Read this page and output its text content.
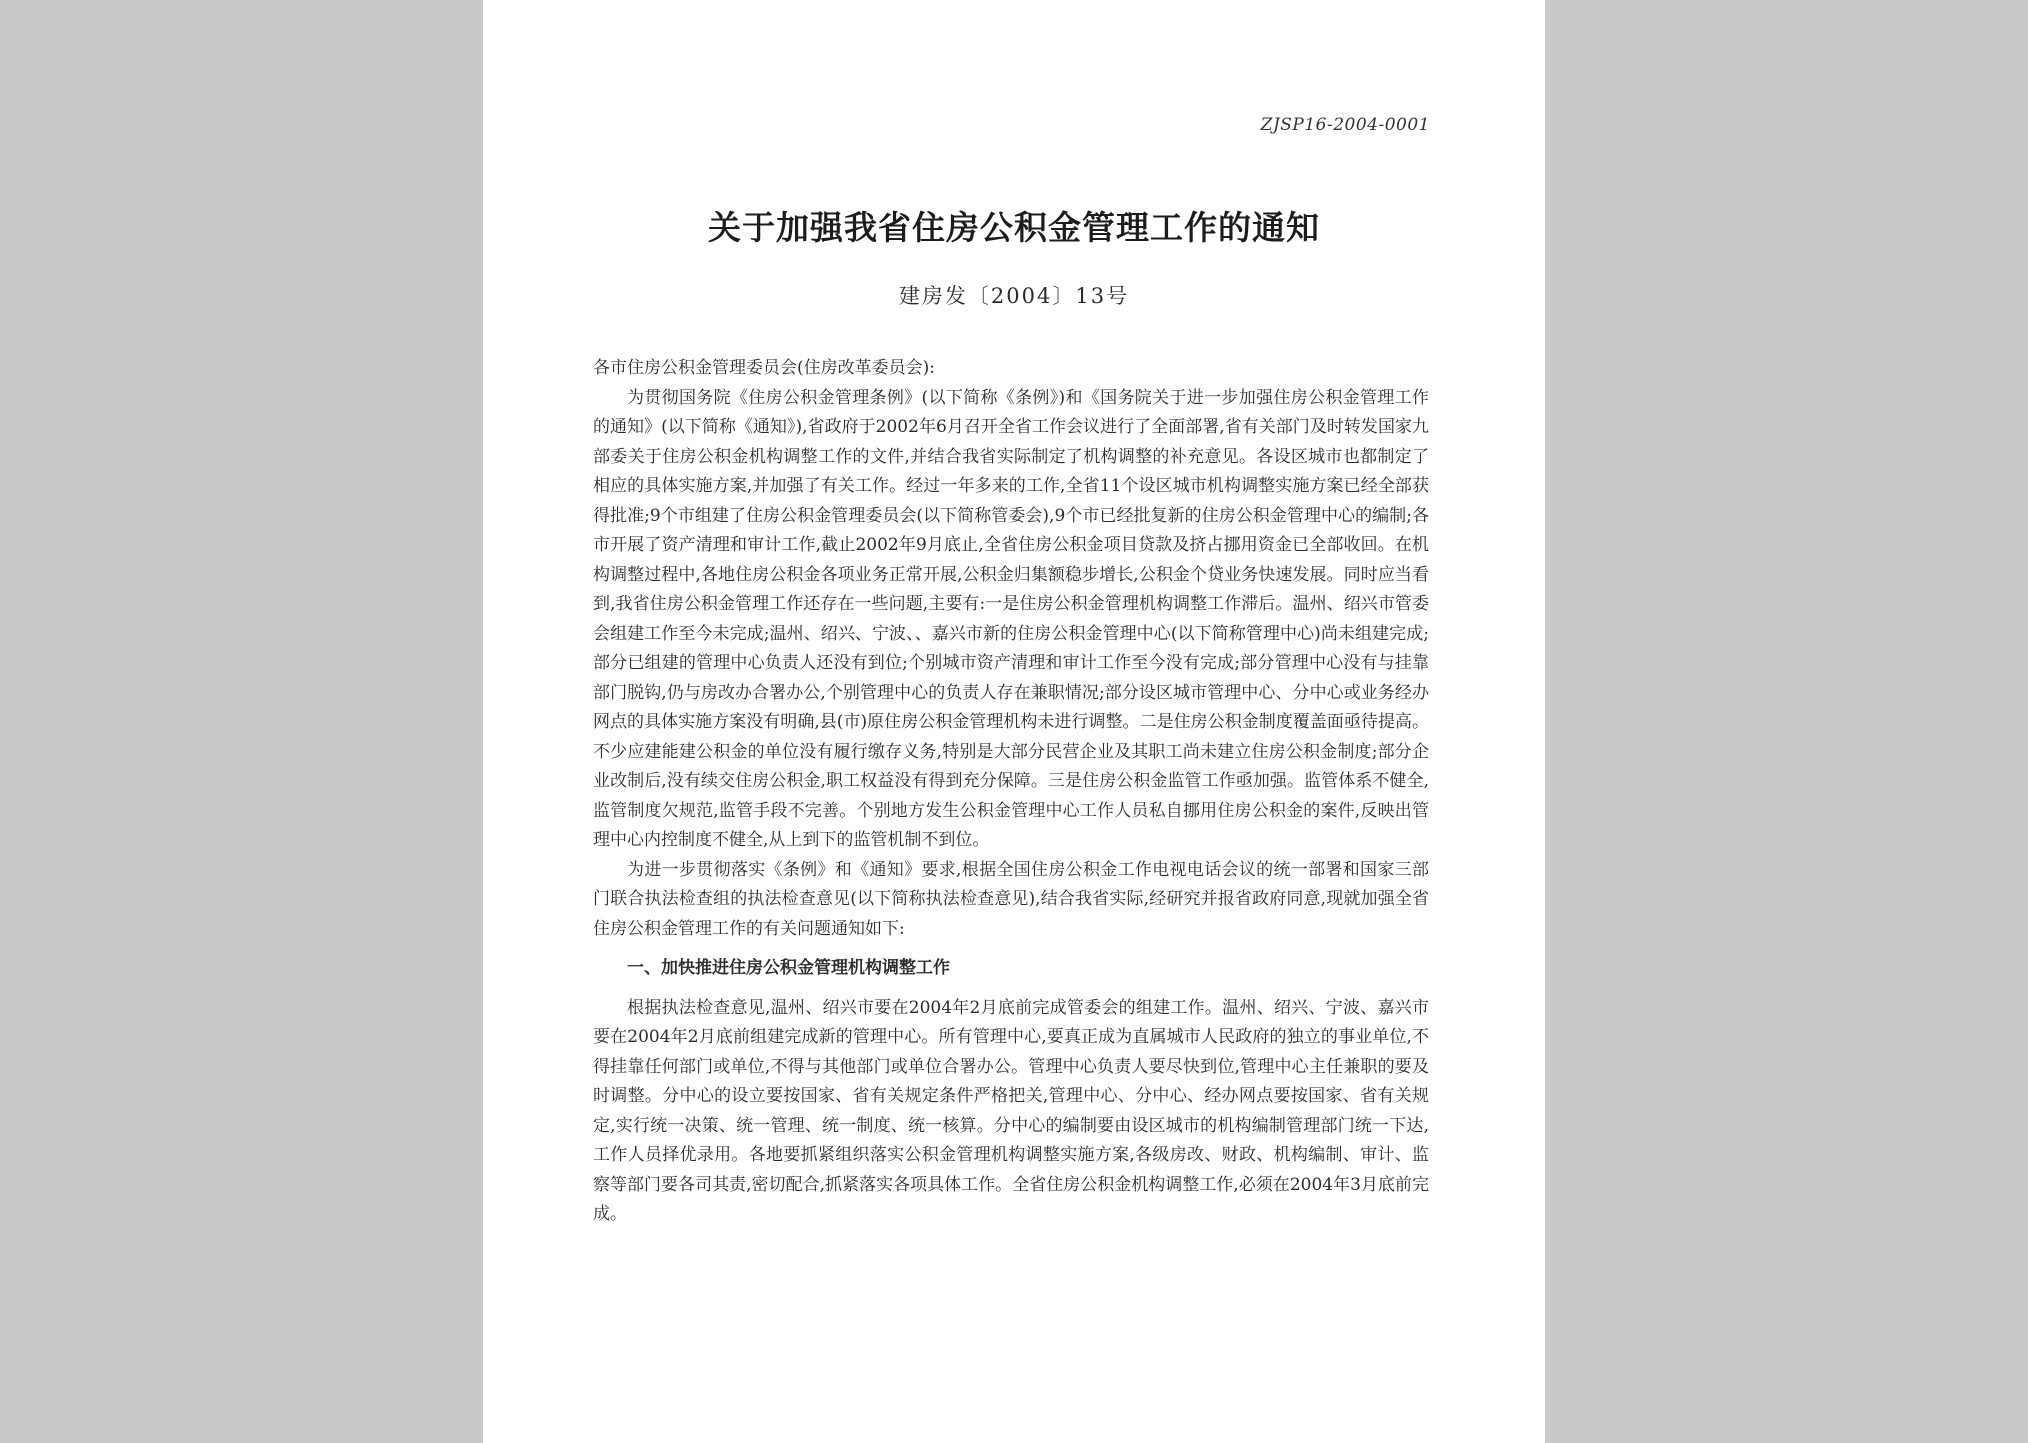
ZJSP16-2004-0001
关于加强我省住房公积金管理工作的通知
建房发〔2004〕13号

各市住房公积金管理委员会(住房改革委员会):

为贯彻国务院《住房公积金管理条例》(以下简称《条例》)和《国务院关于进一步加强住房公积金管理工作的通知》(以下简称《通知》),省政府于2002年6月召开全省工作会议进行了全面部署,省有关部门及时转发国家九部委关于住房公积金机构调整工作的文件,并结合我省实际制定了机构调整的补充意见。各设区城市也都制定了相应的具体实施方案,并加强了有关工作。经过一年多来的工作,全省11个设区城市机构调整实施方案已经全部获得批准;9个市组建了住房公积金管理委员会(以下简称管委会),9个市已经批复新的住房公积金管理中心的编制;各市开展了资产清理和审计工作,截止2002年9月底止,全省住房公积金项目贷款及挤占挪用资金已全部收回。在机构调整过程中,各地住房公积金各项业务正常开展,公积金归集额稳步增长,公积金个贷业务快速发展。同时应当看到,我省住房公积金管理工作还存在一些问题,主要有:一是住房公积金管理机构调整工作滞后。温州、绍兴市管委会组建工作至今未完成;温州、绍兴、宁波、、嘉兴市新的住房公积金管理中心(以下简称管理中心)尚未组建完成;部分已组建的管理中心负责人还没有到位;个别城市资产清理和审计工作至今没有完成;部分管理中心没有与挂靠部门脱钩,仍与房改办合署办公,个别管理中心的负责人存在兼职情况;部分设区城市管理中心、分中心或业务经办网点的具体实施方案没有明确,县(市)原住房公积金管理机构未进行调整。二是住房公积金制度覆盖面亟待提高。不少应建能建公积金的单位没有履行缴存义务,特别是大部分民营企业及其职工尚未建立住房公积金制度;部分企业改制后,没有续交住房公积金,职工权益没有得到充分保障。三是住房公积金监管工作亟加强。监管体系不健全,监管制度欠规范,监管手段不完善。个别地方发生公积金管理中心工作人员私自挪用住房公积金的案件,反映出管理中心内控制度不健全,从上到下的监管机制不到位。

为进一步贯彻落实《条例》和《通知》要求,根据全国住房公积金工作电视电话会议的统一部署和国家三部门联合执法检查组的执法检查意见(以下简称执法检查意见),结合我省实际,经研究并报省政府同意,现就加强全省住房公积金管理工作的有关问题通知如下:

一、加快推进住房公积金管理机构调整工作

根据执法检查意见,温州、绍兴市要在2004年2月底前完成管委会的组建工作。温州、绍兴、宁波、嘉兴市要在2004年2月底前组建完成新的管理中心。所有管理中心,要真正成为直属城市人民政府的独立的事业单位,不得挂靠任何部门或单位,不得与其他部门或单位合署办公。管理中心负责人要尽快到位,管理中心主任兼职的要及时调整。分中心的设立要按国家、省有关规定条件严格把关,管理中心、分中心、经办网点要按国家、省有关规定,实行统一决策、统一管理、统一制度、统一核算。分中心的编制要由设区城市的机构编制管理部门统一下达,工作人员择优录用。各地要抓紧组织落实公积金管理机构调整实施方案,各级房改、财政、机构编制、审计、监察等部门要各司其责,密切配合,抓紧落实各项具体工作。全省住房公积金机构调整工作,必须在2004年3月底前完成。
